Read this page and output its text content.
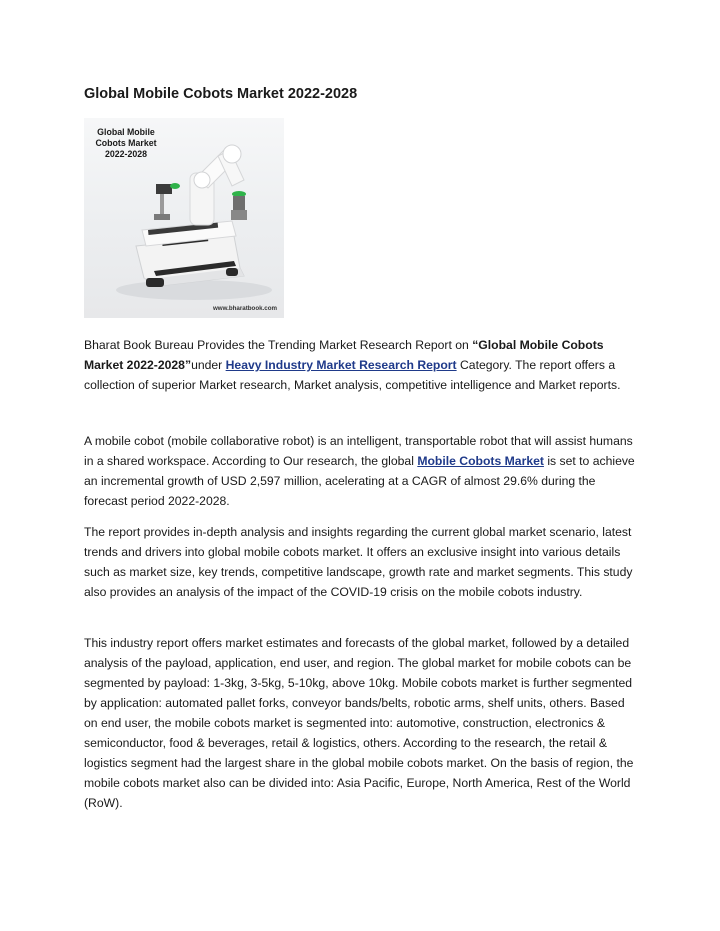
Global Mobile Cobots Market 2022-2028
Global Mobile
Cobots Market
2022-2028
www.bharatbook.com

Bharat Book Bureau Provides the Trending Market Research Report on “Global Mobile Cobots Market 2022-2028”under Heavy Industry Market Research Report Category. The report offers a collection of superior Market research, Market analysis, competitive intelligence and Market reports.

A mobile cobot (mobile collaborative robot) is an intelligent, transportable robot that will assist humans in a shared workspace. According to Our research, the global Mobile Cobots Market is set to achieve an incremental growth of USD 2,597 million, acelerating at a CAGR of almost 29.6% during the forecast period 2022-2028.

The report provides in-depth analysis and insights regarding the current global market scenario, latest trends and drivers into global mobile cobots market. It offers an exclusive insight into various details such as market size, key trends, competitive landscape, growth rate and market segments. This study also provides an analysis of the impact of the COVID-19 crisis on the mobile cobots industry.

This industry report offers market estimates and forecasts of the global market, followed by a detailed analysis of the payload, application, end user, and region. The global market for mobile cobots can be segmented by payload: 1-3kg, 3-5kg, 5-10kg, above 10kg. Mobile cobots market is further segmented by application: automated pallet forks, conveyor bands/belts, robotic arms, shelf units, others. Based on end user, the mobile cobots market is segmented into: automotive, construction, electronics & semiconductor, food & beverages, retail & logistics, others. According to the research, the retail & logistics segment had the largest share in the global mobile cobots market. On the basis of region, the mobile cobots market also can be divided into: Asia Pacific, Europe, North America, Rest of the World (RoW).
